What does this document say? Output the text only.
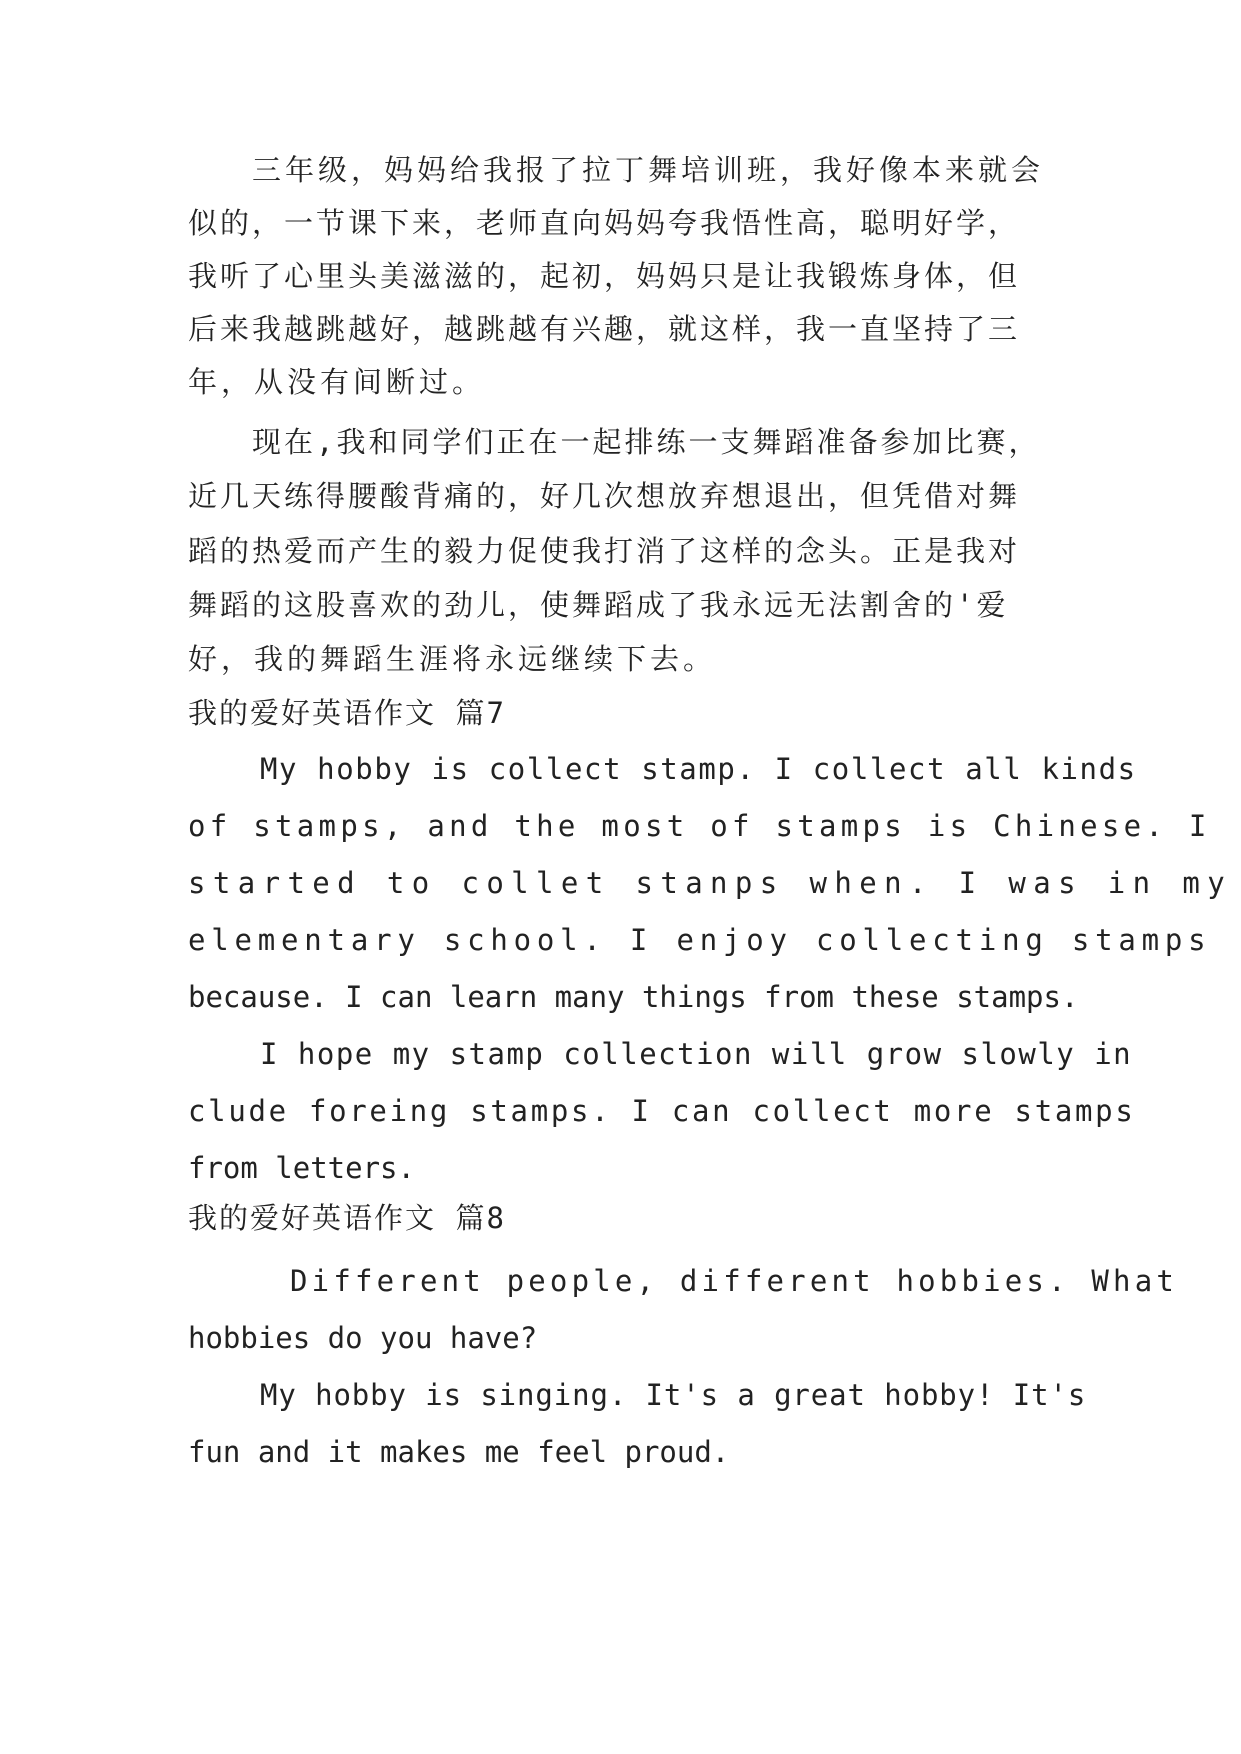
三年级，妈妈给我报了拉丁舞培训班，我好像本来就会

似的，一节课下来，老师直向妈妈夸我悟性高，聪明好学，

我听了心里头美滋滋的，起初，妈妈只是让我锻炼身体，但

后来我越跳越好，越跳越有兴趣，就这样，我一直坚持了三

年，从没有间断过。

现在,我和同学们正在一起排练一支舞蹈准备参加比赛，

近几天练得腰酸背痛的，好几次想放弃想退出，但凭借对舞

蹈的热爱而产生的毅力促使我打消了这样的念头。正是我对

舞蹈的这股喜欢的劲儿，使舞蹈成了我永远无法割舍的'爱

好，我的舞蹈生涯将永远继续下去。

我的爱好英语作文 篇7

My hobby is collect stamp. I collect all kinds

of stamps, and the most of stamps is Chinese. I

started to collet stanps when. I was in my

elementary school. I enjoy collecting stamps

because. I can learn many things from these stamps.

I hope my stamp collection will grow slowly in

clude foreing stamps. I can collect more stamps

from letters.

我的爱好英语作文 篇8

Different people, different hobbies. What

hobbies do you have?

My hobby is singing. It's a great hobby! It's

fun and it makes me feel proud.
